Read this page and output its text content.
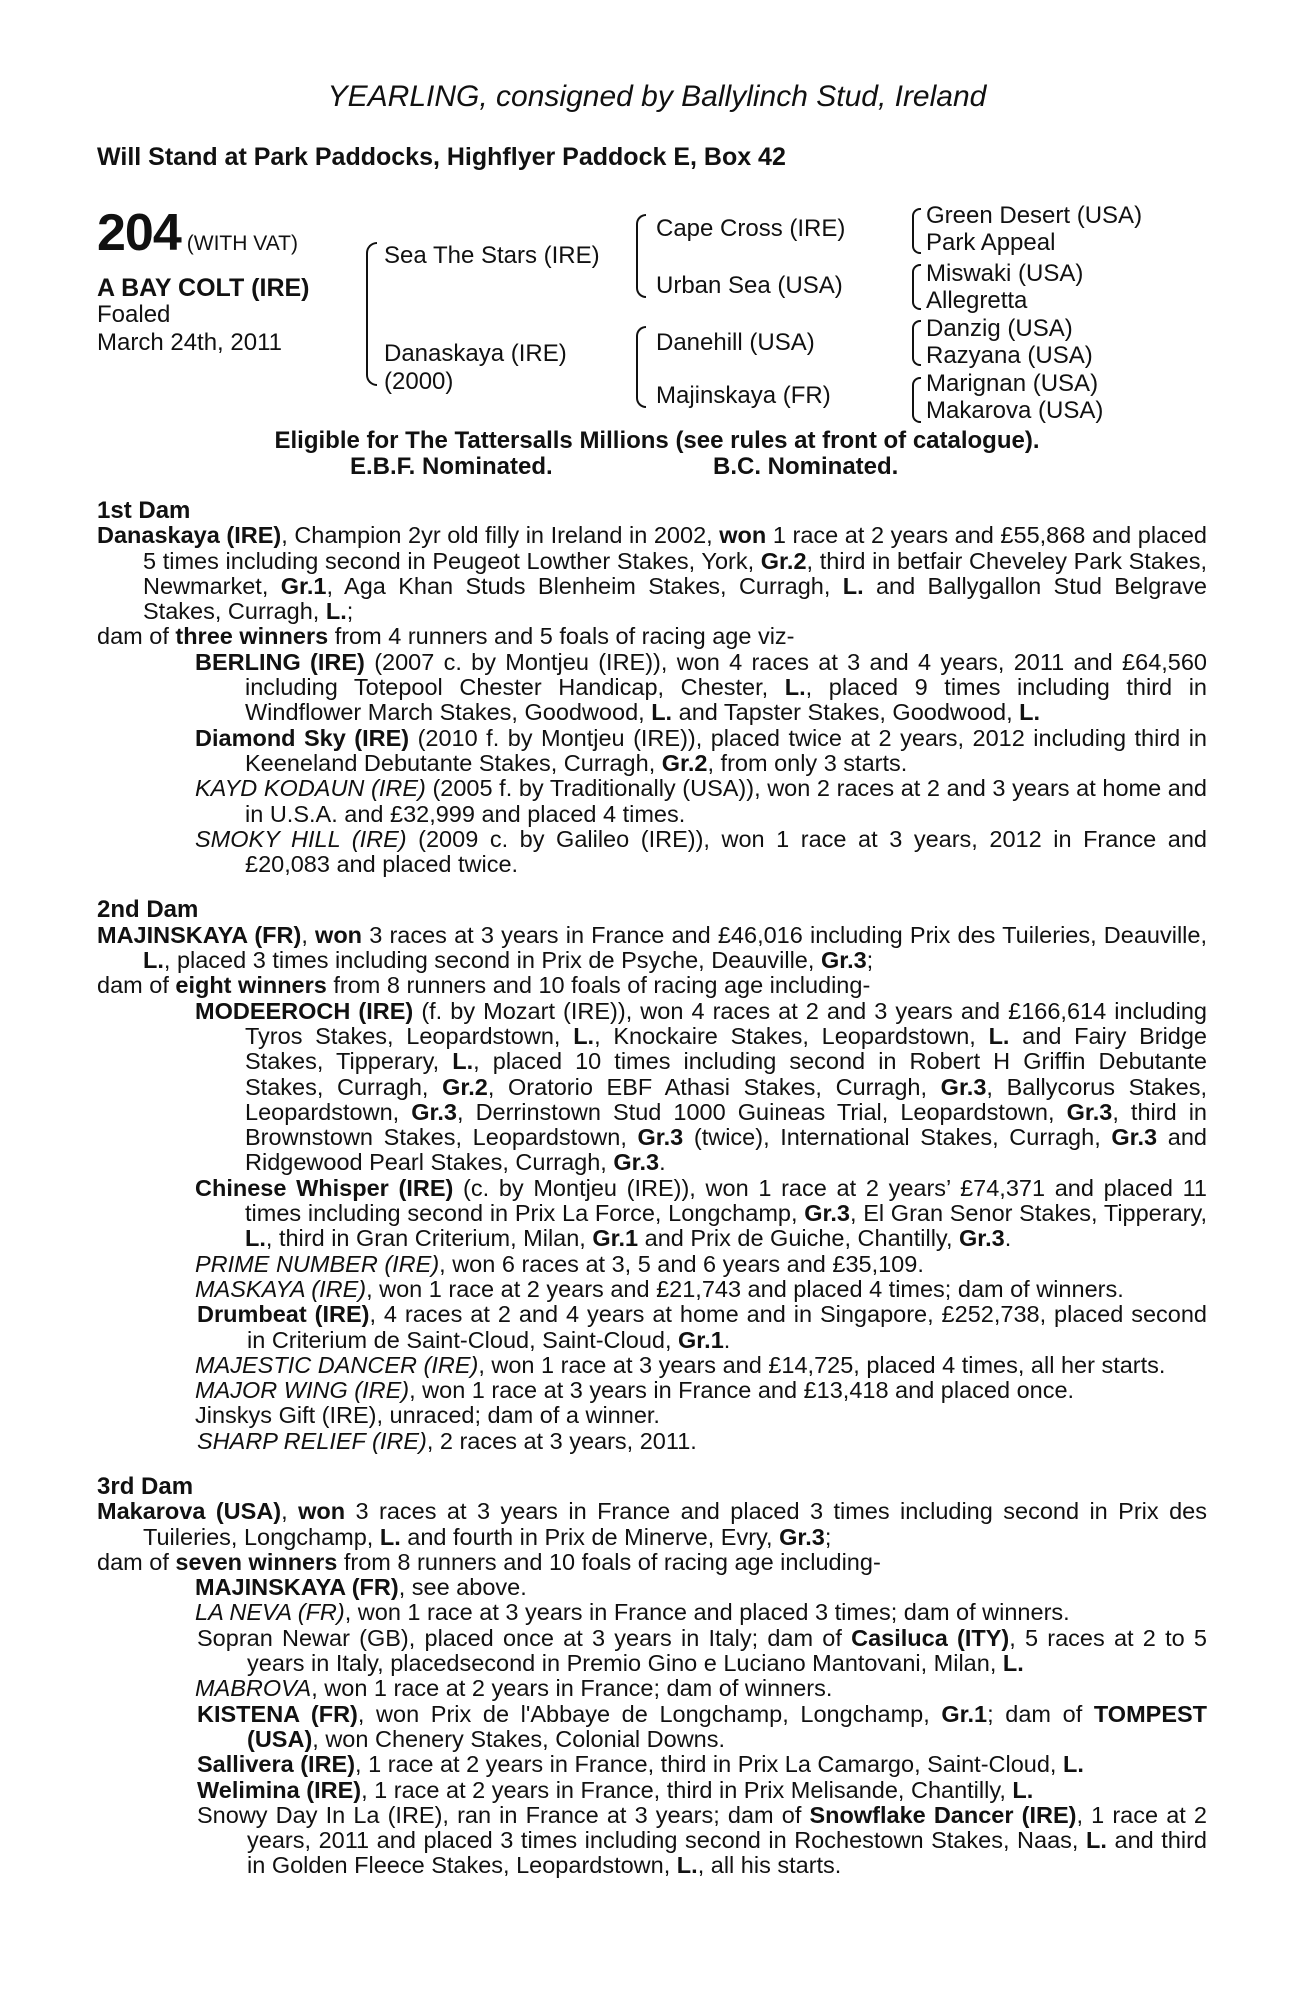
YEARLING, consigned by Ballylinch Stud, Ireland
Will Stand at Park Paddocks, Highflyer Paddock E, Box 42
204 (WITH VAT)
A BAY COLT (IRE)
Foaled
March 24th, 2011
Sea The Stars (IRE)
Danaskaya (IRE)
(2000)
Cape Cross (IRE)
Urban Sea (USA)
Danehill (USA)
Majinskaya (FR)
Green Desert (USA)
Park Appeal
Miswaki (USA)
Allegretta
Danzig (USA)
Razyana (USA)
Marignan (USA)
Makarova (USA)
Eligible for The Tattersalls Millions (see rules at front of catalogue).
E.B.F. Nominated.	B.C. Nominated.
1st Dam

Danaskaya (IRE), Champion 2yr old filly in Ireland in 2002, won 1 race at 2 years and £55,868 and placed 5 times including second in Peugeot Lowther Stakes, York, Gr.2, third in betfair Cheveley Park Stakes, Newmarket, Gr.1, Aga Khan Studs Blenheim Stakes, Curragh, L. and Ballygallon Stud Belgrave Stakes, Curragh, L.;

dam of three winners from 4 runners and 5 foals of racing age viz-

BERLING (IRE) (2007 c. by Montjeu (IRE)), won 4 races at 3 and 4 years, 2011 and £64,560 including Totepool Chester Handicap, Chester, L., placed 9 times including third in Windflower March Stakes, Goodwood, L. and Tapster Stakes, Goodwood, L.

Diamond Sky (IRE) (2010 f. by Montjeu (IRE)), placed twice at 2 years, 2012 including third in Keeneland Debutante Stakes, Curragh, Gr.2, from only 3 starts.

KAYD KODAUN (IRE) (2005 f. by Traditionally (USA)), won 2 races at 2 and 3 years at home and in U.S.A. and £32,999 and placed 4 times.

SMOKY HILL (IRE) (2009 c. by Galileo (IRE)), won 1 race at 3 years, 2012 in France and £20,083 and placed twice.

2nd Dam

MAJINSKAYA (FR), won 3 races at 3 years in France and £46,016 including Prix des Tuileries, Deauville, L., placed 3 times including second in Prix de Psyche, Deauville, Gr.3;

dam of eight winners from 8 runners and 10 foals of racing age including-

MODEEROCH (IRE) (f. by Mozart (IRE)), won 4 races at 2 and 3 years and £166,614 including Tyros Stakes, Leopardstown, L., Knockaire Stakes, Leopardstown, L. and Fairy Bridge Stakes, Tipperary, L., placed 10 times including second in Robert H Griffin Debutante Stakes, Curragh, Gr.2, Oratorio EBF Athasi Stakes, Curragh, Gr.3, Ballycorus Stakes, Leopardstown, Gr.3, Derrinstown Stud 1000 Guineas Trial, Leopardstown, Gr.3, third in Brownstown Stakes, Leopardstown, Gr.3 (twice), International Stakes, Curragh, Gr.3 and Ridgewood Pearl Stakes, Curragh, Gr.3.

Chinese Whisper (IRE) (c. by Montjeu (IRE)), won 1 race at 2 years’ £74,371 and placed 11 times including second in Prix La Force, Longchamp, Gr.3, El Gran Senor Stakes, Tipperary, L., third in Gran Criterium, Milan, Gr.1 and Prix de Guiche, Chantilly, Gr.3.

PRIME NUMBER (IRE), won 6 races at 3, 5 and 6 years and £35,109.

MASKAYA (IRE), won 1 race at 2 years and £21,743 and placed 4 times; dam of winners.

Drumbeat (IRE), 4 races at 2 and 4 years at home and in Singapore, £252,738, placed second in Criterium de Saint-Cloud, Saint-Cloud, Gr.1.

MAJESTIC DANCER (IRE), won 1 race at 3 years and £14,725, placed 4 times, all her starts.

MAJOR WING (IRE), won 1 race at 3 years in France and £13,418 and placed once.

Jinskys Gift (IRE), unraced; dam of a winner.

SHARP RELIEF (IRE), 2 races at 3 years, 2011.

3rd Dam

Makarova (USA), won 3 races at 3 years in France and placed 3 times including second in Prix des Tuileries, Longchamp, L. and fourth in Prix de Minerve, Evry, Gr.3;

dam of seven winners from 8 runners and 10 foals of racing age including-

MAJINSKAYA (FR), see above.

LA NEVA (FR), won 1 race at 3 years in France and placed 3 times; dam of winners.

Sopran Newar (GB), placed once at 3 years in Italy; dam of Casiluca (ITY), 5 races at 2 to 5 years in Italy, placedsecond in Premio Gino e Luciano Mantovani, Milan, L.

MABROVA, won 1 race at 2 years in France; dam of winners.

KISTENA (FR), won Prix de l'Abbaye de Longchamp, Longchamp, Gr.1; dam of TOMPEST (USA), won Chenery Stakes, Colonial Downs.

Sallivera (IRE), 1 race at 2 years in France, third in Prix La Camargo, Saint-Cloud, L.

Welimina (IRE), 1 race at 2 years in France, third in Prix Melisande, Chantilly, L.

Snowy Day In La (IRE), ran in France at 3 years; dam of Snowflake Dancer (IRE), 1 race at 2 years, 2011 and placed 3 times including second in Rochestown Stakes, Naas, L. and third in Golden Fleece Stakes, Leopardstown, L., all his starts.
